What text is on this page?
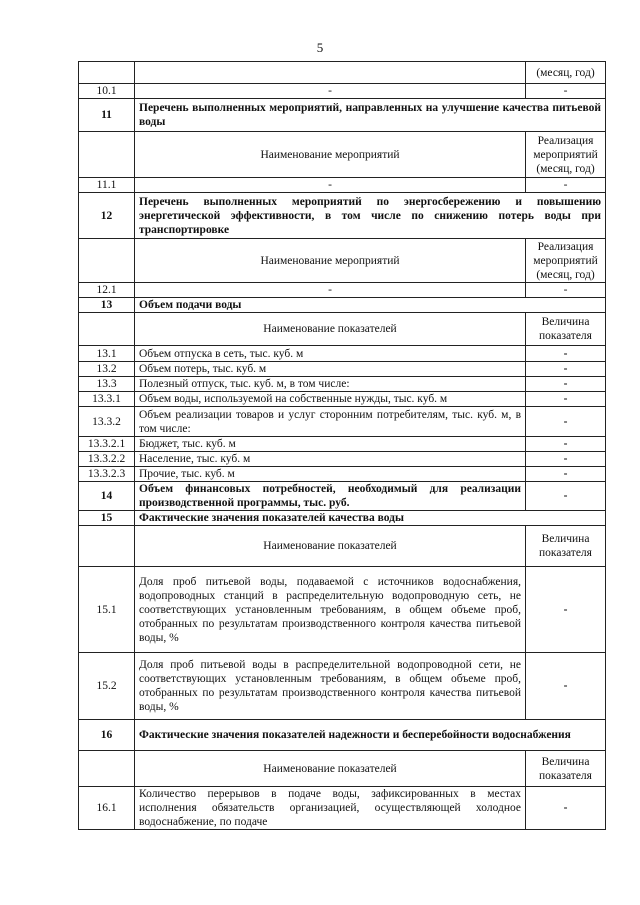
5
		(месяц, год)
10.1	-	-
11	Перечень выполненных мероприятий, направленных на улучшение качества питьевой воды	
	Наименование мероприятий	Реализация мероприятий (месяц, год)
11.1	-	-
12	Перечень выполненных мероприятий по энергосбережению и повышению энергетической эффективности, в том числе по снижению потерь воды при транспортировке	
	Наименование мероприятий	Реализация мероприятий (месяц, год)
12.1	-	-
13	Объем подачи воды	
	Наименование показателей	Величина показателя
13.1	Объем отпуска в сеть, тыс. куб. м	-
13.2	Объем потерь, тыс. куб. м	-
13.3	Полезный отпуск, тыс. куб. м, в том числе:	-
13.3.1	Объем воды, используемой на собственные нужды, тыс. куб. м	-
13.3.2	Объем реализации товаров и услуг сторонним потребителям, тыс. куб. м, в том числе:	-
13.3.2.1	Бюджет, тыс. куб. м	-
13.3.2.2	Население, тыс. куб. м	-
13.3.2.3	Прочие, тыс. куб. м	-
14	Объем финансовых потребностей, необходимый для реализации производственной программы, тыс. руб.	-
15	Фактические значения показателей качества воды	
	Наименование показателей	Величина показателя
15.1	Доля проб питьевой воды, подаваемой с источников водоснабжения, водопроводных станций в распределительную водопроводную сеть, не соответствующих установленным требованиям, в общем объеме проб, отобранных по результатам производственного контроля качества питьевой воды, %	-
15.2	Доля проб питьевой воды в распределительной водопроводной сети, не соответствующих установленным требованиям, в общем объеме проб, отобранных по результатам производственного контроля качества питьевой воды, %	-
16	Фактические значения показателей надежности и бесперебойности водоснабжения	
	Наименование показателей	Величина показателя
16.1	Количество перерывов в подаче воды, зафиксированных в местах исполнения обязательств организацией, осуществляющей холодное водоснабжение, по подаче	-
